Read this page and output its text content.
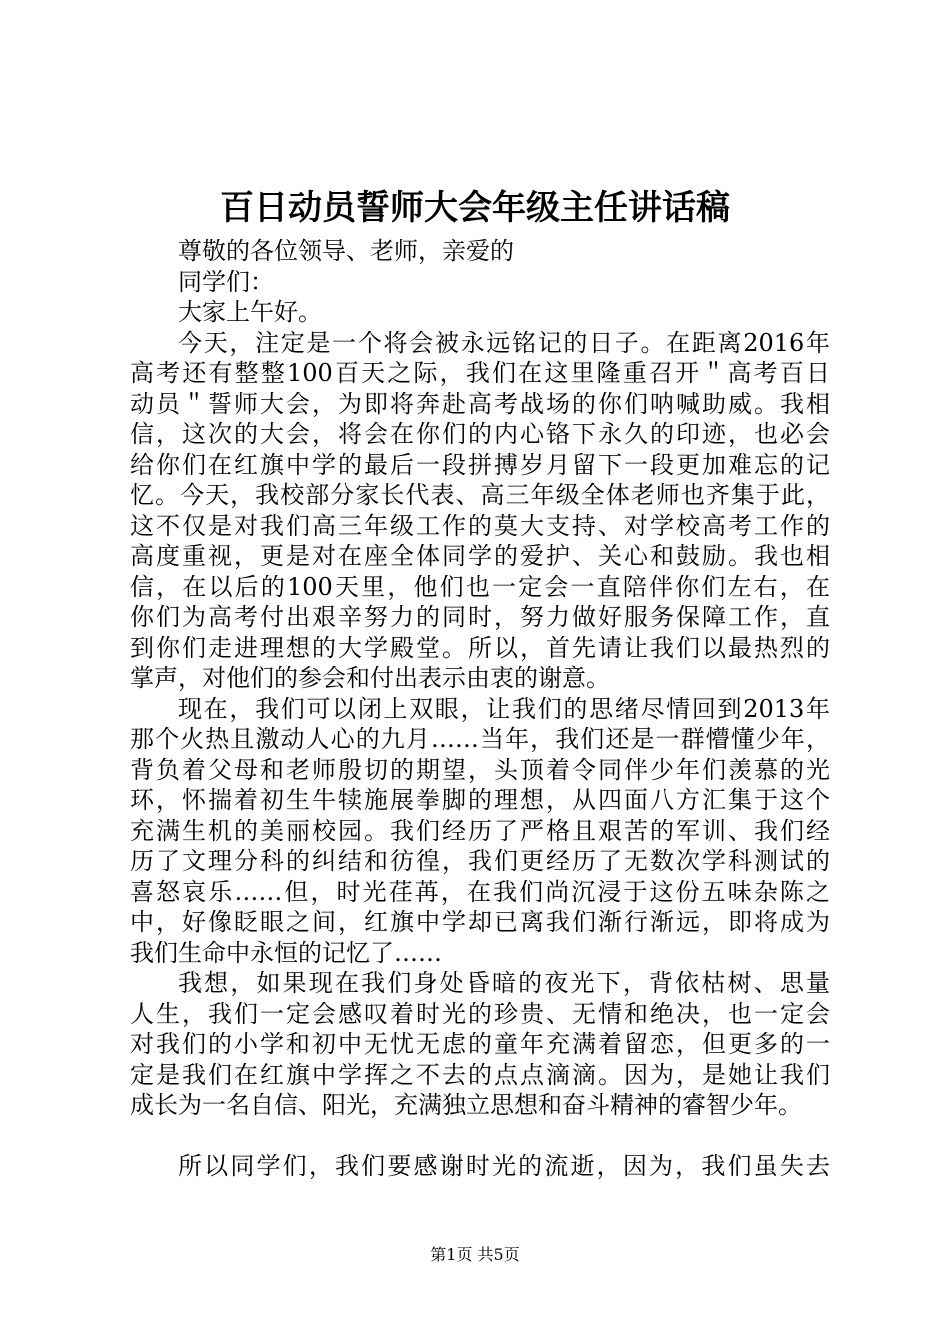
百日动员誓师大会年级主任讲话稿
尊敬的各位领导、老师，亲爱的
同学们：
大家上午好。
今天，注定是一个将会被永远铭记的日子。在距离2016年
高考还有整整100百天之际，我们在这里隆重召开＂高考百日
动员＂誓师大会，为即将奔赴高考战场的你们呐喊助威。我相
信，这次的大会，将会在你们的内心铬下永久的印迹，也必会
给你们在红旗中学的最后一段拼搏岁月留下一段更加难忘的记
忆。今天，我校部分家长代表、高三年级全体老师也齐集于此，
这不仅是对我们高三年级工作的莫大支持、对学校高考工作的
高度重视，更是对在座全体同学的爱护、关心和鼓励。我也相
信，在以后的100天里，他们也一定会一直陪伴你们左右，在
你们为高考付出艰辛努力的同时，努力做好服务保障工作，直
到你们走进理想的大学殿堂。所以，首先请让我们以最热烈的
掌声，对他们的参会和付出表示由衷的谢意。
现在，我们可以闭上双眼，让我们的思绪尽情回到2013年
那个火热且激动人心的九月……当年，我们还是一群懵懂少年，
背负着父母和老师殷切的期望，头顶着令同伴少年们羡慕的光
环，怀揣着初生牛犊施展拳脚的理想，从四面八方汇集于这个
充满生机的美丽校园。我们经历了严格且艰苦的军训、我们经
历了文理分科的纠结和彷徨，我们更经历了无数次学科测试的
喜怒哀乐……但，时光荏苒，在我们尚沉浸于这份五味杂陈之
中，好像眨眼之间，红旗中学却已离我们渐行渐远，即将成为
我们生命中永恒的记忆了……
我想，如果现在我们身处昏暗的夜光下，背依枯树、思量
人生，我们一定会感叹着时光的珍贵、无情和绝决，也一定会
对我们的小学和初中无忧无虑的童年充满着留恋，但更多的一
定是我们在红旗中学挥之不去的点点滴滴。因为，是她让我们
成长为一名自信、阳光，充满独立思想和奋斗精神的睿智少年。
所以同学们，我们要感谢时光的流逝，因为，我们虽失去
第1页 共5页
